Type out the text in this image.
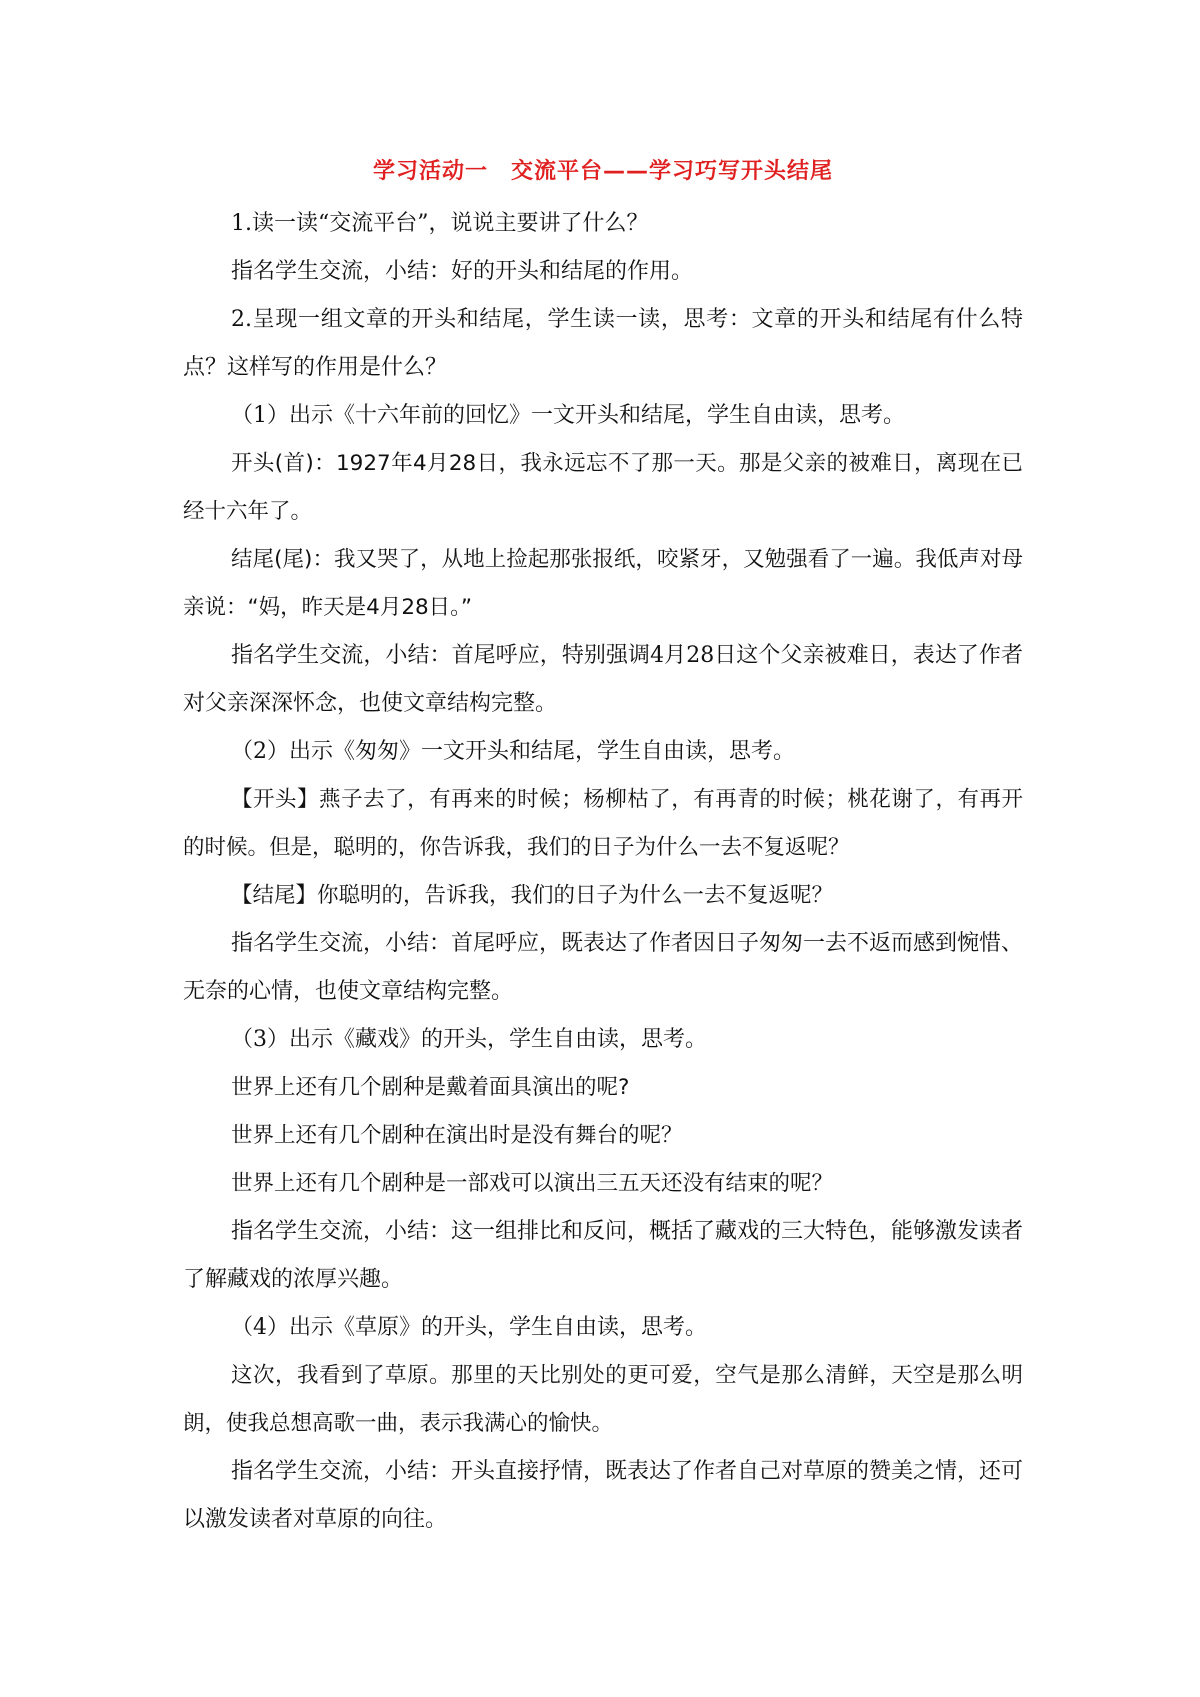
学习活动一　交流平台——学习巧写开头结尾

1.读一读“交流平台”，说说主要讲了什么？

指名学生交流，小结：好的开头和结尾的作用。

2.呈现一组文章的开头和结尾，学生读一读，思考：文章的开头和结尾有什么特点？这样写的作用是什么？

（1）出示《十六年前的回忆》一文开头和结尾，学生自由读，思考。

开头(首)：1927年4月28日，我永远忘不了那一天。那是父亲的被难日，离现在已经十六年了。

结尾(尾)：我又哭了，从地上捡起那张报纸，咬紧牙，又勉强看了一遍。我低声对母亲说：“妈，昨天是4月28日。”

指名学生交流，小结：首尾呼应，特别强调4月28日这个父亲被难日，表达了作者对父亲深深怀念，也使文章结构完整。

（2）出示《匆匆》一文开头和结尾，学生自由读，思考。

【开头】燕子去了，有再来的时候；杨柳枯了，有再青的时候；桃花谢了，有再开的时候。但是，聪明的，你告诉我，我们的日子为什么一去不复返呢？

【结尾】你聪明的，告诉我，我们的日子为什么一去不复返呢？

指名学生交流，小结：首尾呼应，既表达了作者因日子匆匆一去不返而感到惋惜、无奈的心情，也使文章结构完整。

（3）出示《藏戏》的开头，学生自由读，思考。

世界上还有几个剧种是戴着面具演出的呢?

世界上还有几个剧种在演出时是没有舞台的呢？

世界上还有几个剧种是一部戏可以演出三五天还没有结束的呢？

指名学生交流，小结：这一组排比和反问，概括了藏戏的三大特色，能够激发读者了解藏戏的浓厚兴趣。

（4）出示《草原》的开头，学生自由读，思考。

这次，我看到了草原。那里的天比别处的更可爱，空气是那么清鲜，天空是那么明朗，使我总想高歌一曲，表示我满心的愉快。

指名学生交流，小结：开头直接抒情，既表达了作者自己对草原的赞美之情，还可以激发读者对草原的向往。
